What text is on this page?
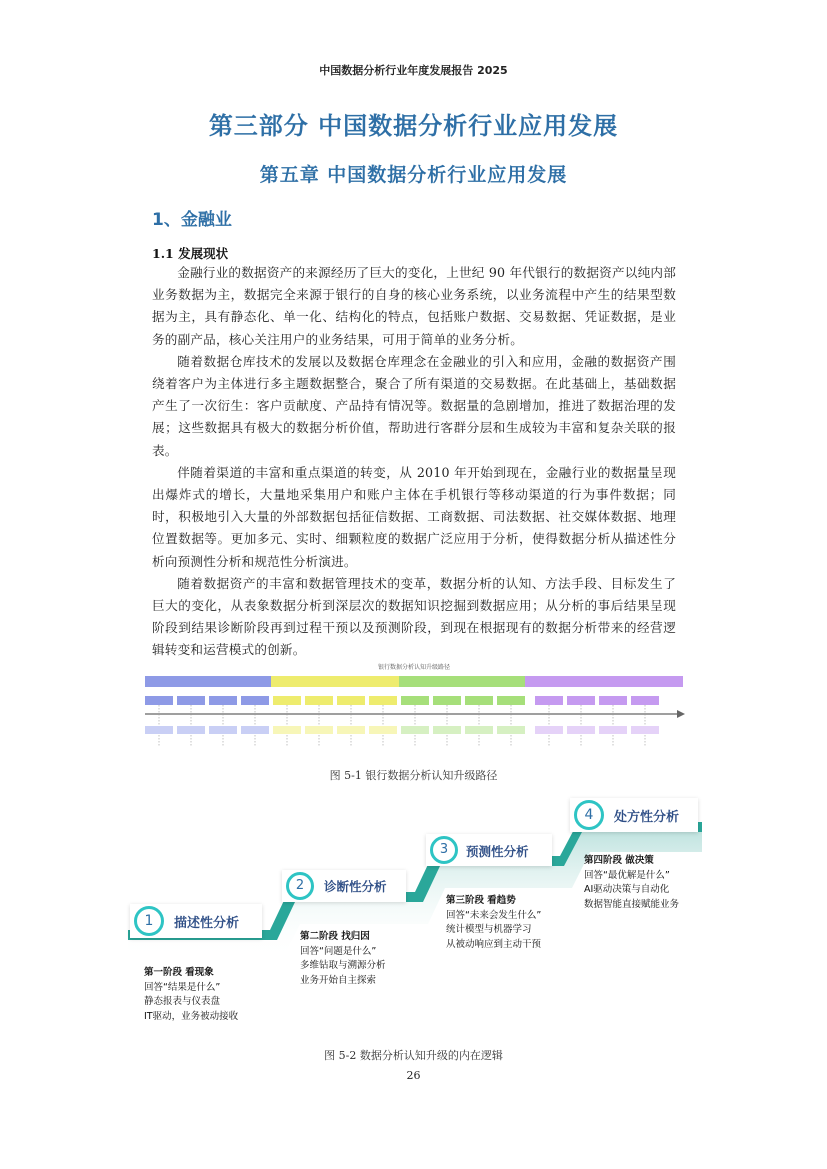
中国数据分析行业年度发展报告 2025
第三部分 中国数据分析行业应用发展
第五章 中国数据分析行业应用发展
1、金融业
1.1 发展现状

金融行业的数据资产的来源经历了巨大的变化，上世纪 90 年代银行的数据资产以纯内部业务数据为主，数据完全来源于银行的自身的核心业务系统，以业务流程中产生的结果型数据为主，具有静态化、单一化、结构化的特点，包括账户数据、交易数据、凭证数据，是业务的副产品，核心关注用户的业务结果，可用于简单的业务分析。

随着数据仓库技术的发展以及数据仓库理念在金融业的引入和应用，金融的数据资产围绕着客户为主体进行多主题数据整合，聚合了所有渠道的交易数据。在此基础上，基础数据产生了一次衍生：客户贡献度、产品持有情况等。数据量的急剧增加，推进了数据治理的发展；这些数据具有极大的数据分析价值，帮助进行客群分层和生成较为丰富和复杂关联的报表。

伴随着渠道的丰富和重点渠道的转变，从 2010 年开始到现在，金融行业的数据量呈现出爆炸式的增长，大量地采集用户和账户主体在手机银行等移动渠道的行为事件数据；同时，积极地引入大量的外部数据包括征信数据、工商数据、司法数据、社交媒体数据、地理位置数据等。更加多元、实时、细颗粒度的数据广泛应用于分析，使得数据分析从描述性分析向预测性分析和规范性分析演进。

随着数据资产的丰富和数据管理技术的变革，数据分析的认知、方法手段、目标发生了巨大的变化，从表象数据分析到深层次的数据知识挖掘到数据应用；从分析的事后结果呈现阶段到结果诊断阶段再到过程干预以及预测阶段，到现在根据现有的数据分析带来的经营逻辑转变和运营模式的创新。

银行数据分析认知升级路径
图 5-1 银行数据分析认知升级路径
1	描述性分析
第一阶段 看现象
回答“结果是什么”
静态报表与仪表盘
IT驱动，业务被动接收
2	诊断性分析
第二阶段 找归因
回答“问题是什么”
多维钻取与溯源分析
业务开始自主探索
3	预测性分析
第三阶段 看趋势
回答“未来会发生什么”
统计模型与机器学习
从被动响应到主动干预
4	处方性分析
第四阶段 做决策
回答“最优解是什么”
AI驱动决策与自动化
数据智能直接赋能业务
图 5-2 数据分析认知升级的内在逻辑
26
